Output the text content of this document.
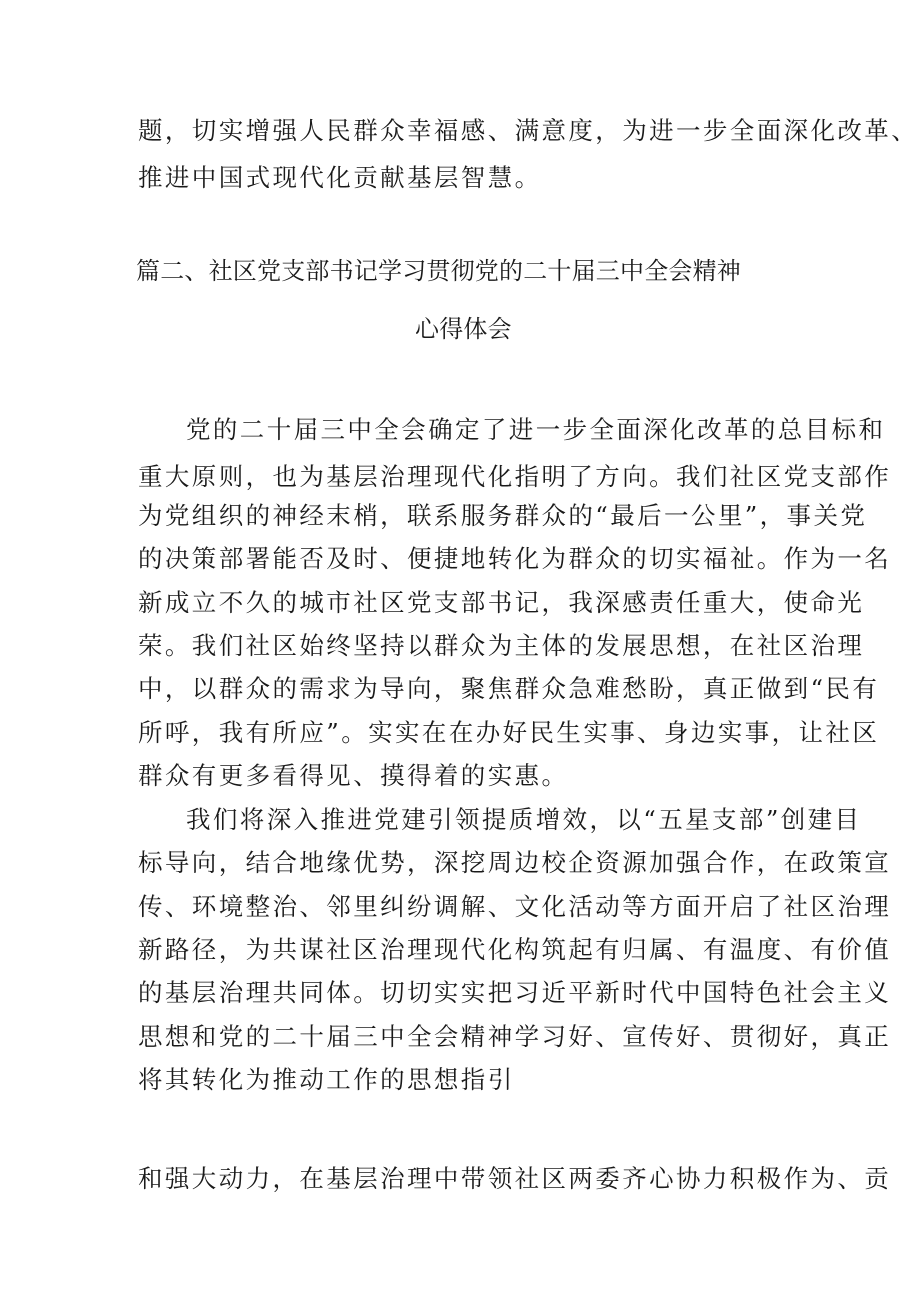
题，切实增强人民群众幸福感、满意度，为进一步全面深化改革、
推进中国式现代化贡献基层智慧。
篇二、社区党支部书记学习贯彻党的二十届三中全会精神
心得体会
党的二十届三中全会确定了进一步全面深化改革的总目标和
重大原则，也为基层治理现代化指明了方向。我们社区党支部作
为党组织的神经末梢，联系服务群众的“最后一公里”，事关党
的决策部署能否及时、便捷地转化为群众的切实福祉。作为一名
新成立不久的城市社区党支部书记，我深感责任重大，使命光
荣。我们社区始终坚持以群众为主体的发展思想，在社区治理
中，以群众的需求为导向，聚焦群众急难愁盼，真正做到“民有
所呼，我有所应”。实实在在办好民生实事、身边实事，让社区
群众有更多看得见、摸得着的实惠。
我们将深入推进党建引领提质增效，以“五星支部”创建目
标导向，结合地缘优势，深挖周边校企资源加强合作，在政策宣
传、环境整治、邻里纠纷调解、文化活动等方面开启了社区治理
新路径，为共谋社区治理现代化构筑起有归属、有温度、有价值
的基层治理共同体。切切实实把习近平新时代中国特色社会主义
思想和党的二十届三中全会精神学习好、宣传好、贯彻好，真正
将其转化为推动工作的思想指引
和强大动力，在基层治理中带领社区两委齐心协力积极作为、贡
